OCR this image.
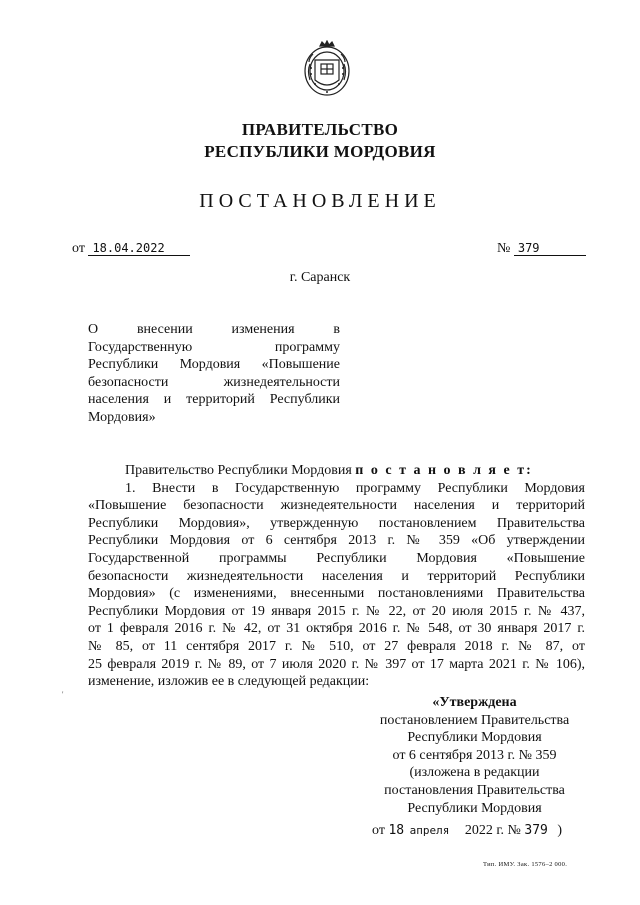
ПРАВИТЕЛЬСТВО
РЕСПУБЛИКИ МОРДОВИЯ
ПОСТАНОВЛЕНИЕ
от 18.04.2022	№ 379
г. Саранск
О внесении изменения в
Государственную программу
Республики Мордовия «Повышение
безопасности жизнедеятельности
населения и территорий Республики
Мордовия»
Правительство Республики Мордовия п о с т а н о в л я е т:
1. Внести в Государственную программу Республики Мордовия
«Повышение безопасности жизнедеятельности населения и территорий
Республики Мордовия», утвержденную постановлением Правительства
Республики Мордовия от 6 сентября 2013 г. № 359 «Об утверждении
Государственной программы Республики Мордовия «Повышение
безопасности жизнедеятельности населения и территорий Республики
Мордовия» (с изменениями, внесенными постановлениями Правительства
Республики Мордовия от 19 января 2015 г. № 22, от 20 июля 2015 г. № 437,
от 1 февраля 2016 г. № 42, от 31 октября 2016 г. № 548, от 30 января 2017 г.
№ 85, от 11 сентября 2017 г. № 510, от 27 февраля 2018 г. № 87, от
25 февраля 2019 г. № 89, от 7 июля 2020 г. № 397 от 17 марта 2021 г. № 106),
изменение, изложив ее в следующей редакции:
'
«Утверждена
постановлением Правительства
Республики Мордовия
от 6 сентября 2013 г. № 359
(изложена в редакции
постановления Правительства
Республики Мордовия
от 18 апреля 2022 г. № 379 )
Тип. ИМУ. Зак. 1576–2 000.
